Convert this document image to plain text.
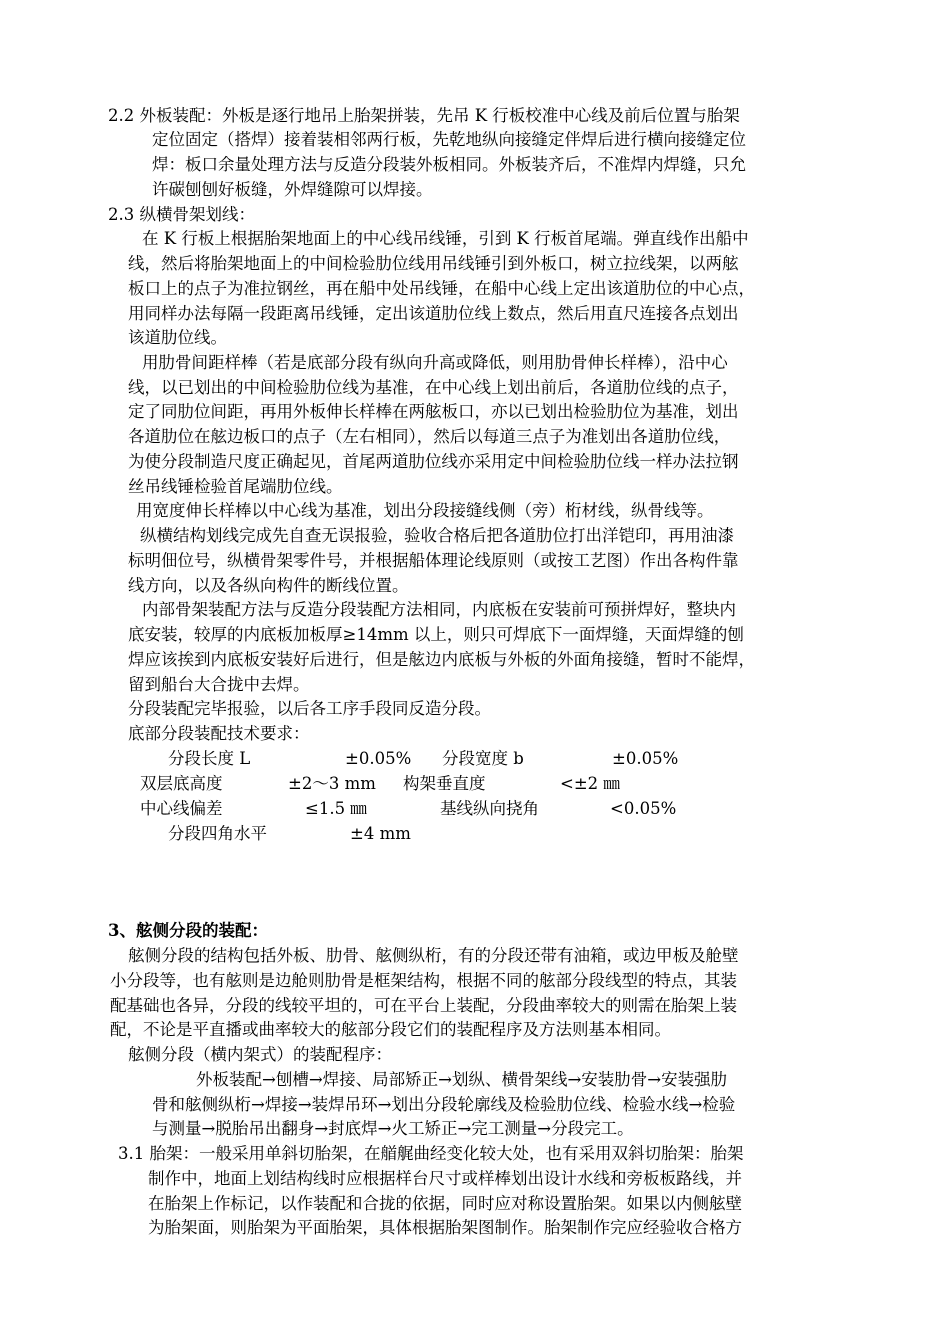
2.2 外板装配：外板是逐行地吊上胎架拼装，先吊 K 行板校准中心线及前后位置与胎架
定位固定（搭焊）接着装相邻两行板，先乾地纵向接缝定伴焊后进行横向接缝定位
焊：板口余量处理方法与反造分段装外板相同。外板装齐后，不准焊内焊缝，只允
许碳刨刨好板缝，外焊缝隙可以焊接。
2.3 纵横骨架划线：
在 K 行板上根据胎架地面上的中心线吊线锤，引到 K 行板首尾端。弹直线作出船中
线，然后将胎架地面上的中间检验肋位线用吊线锤引到外板口，树立拉线架，以两舷
板口上的点子为准拉钢丝，再在船中处吊线锤，在船中心线上定出该道肋位的中心点，
用同样办法每隔一段距离吊线锤，定出该道肋位线上数点，然后用直尺连接各点划出
该道肋位线。
用肋骨间距样棒（若是底部分段有纵向升高或降低，则用肋骨伸长样棒），沿中心
线，以已划出的中间检验肋位线为基准，在中心线上划出前后，各道肋位线的点子，
定了同肋位间距，再用外板伸长样棒在两舷板口，亦以已划出检验肋位为基准，划出
各道肋位在舷边板口的点子（左右相同），然后以每道三点子为准划出各道肋位线，
为使分段制造尺度正确起见，首尾两道肋位线亦采用定中间检验肋位线一样办法拉钢
丝吊线锤检验首尾端肋位线。
用宽度伸长样棒以中心线为基准，划出分段接缝线侧（旁）桁材线，纵骨线等。
纵横结构划线完成先自查无误报验，验收合格后把各道肋位打出洋铠印，再用油漆
标明佃位号，纵横骨架零件号，并根据船体理论线原则（或按工艺图）作出各构件靠
线方向，以及各纵向构件的断线位置。
内部骨架装配方法与反造分段装配方法相同，内底板在安装前可预拼焊好，整块内
底安装，较厚的内底板加板厚≥14mm 以上，则只可焊底下一面焊缝，天面焊缝的刨
焊应该挨到内底板安装好后进行，但是舷边内底板与外板的外面角接缝，暂时不能焊，
留到船台大合拢中去焊。
分段装配完毕报验，以后各工序手段同反造分段。
底部分段装配技术要求：
分段长度 L	±0.05% 分段宽度 b	±0.05%
双层底高度	±2～3 mm 构架垂直度	<±2 ㎜
中心线偏差	≤1.5 ㎜	基线纵向挠角	<0.05%
分段四角水平	±4 mm
3、舷侧分段的装配：
舷侧分段的结构包括外板、肋骨、舷侧纵桁，有的分段还带有油箱，或边甲板及舱壁
小分段等，也有舷则是边舱则肋骨是框架结构，根据不同的舷部分段线型的特点，其装
配基础也各异，分段的线较平坦的，可在平台上装配，分段曲率较大的则需在胎架上装
配，不论是平直播或曲率较大的舷部分段它们的装配程序及方法则基本相同。
舷侧分段（横内架式）的装配程序：
外板装配→刨槽→焊接、局部矫正→划纵、横骨架线→安装肋骨→安装强肋
骨和舷侧纵桁→焊接→装焊吊环→划出分段轮廓线及检验肋位线、检验水线→检验
与测量→脱胎吊出翻身→封底焊→火工矫正→完工测量→分段完工。
3.1 胎架：一般采用单斜切胎架，在艏艉曲经变化较大处，也有采用双斜切胎架：胎架
制作中，地面上划结构线时应根据样台尺寸或样棒划出设计水线和旁板板路线，并
在胎架上作标记，以作装配和合拢的依据，同时应对称设置胎架。如果以内侧舷壁
为胎架面，则胎架为平面胎架，具体根据胎架图制作。胎架制作完应经验收合格方
